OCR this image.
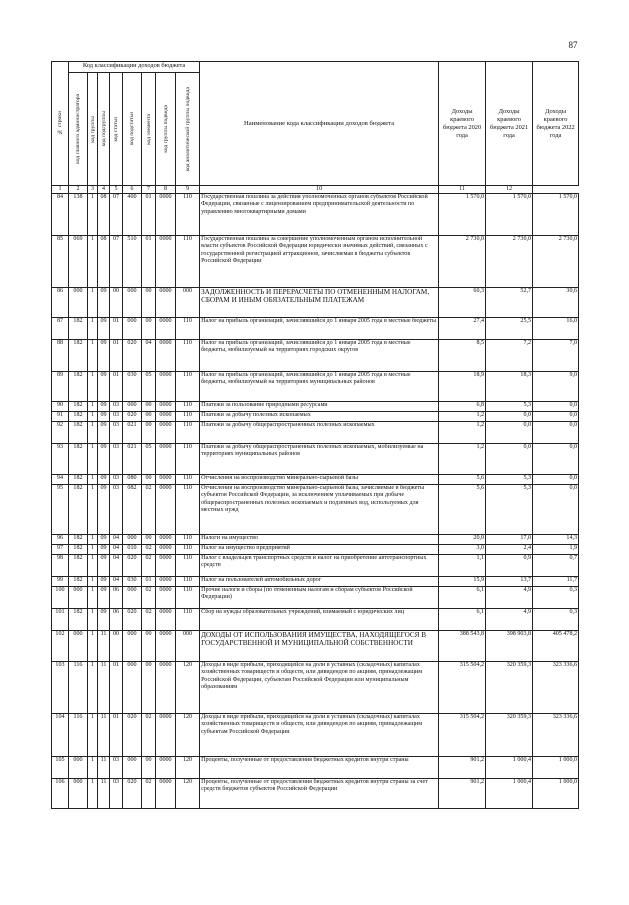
87
№ строки	Код классификации доходов бюджета								Наименование кода классификации доходов бюджета	Доходы краевого бюджета 2020 года	Доходы краевого бюджета 2021 года	Доходы краевого бюджета 2022 года

	код главного администратора	код группы	код подгруппы	код статьи	код подстатьи	код элемента	код группы подвида	код аналитической группы подвида				

1	2	3	4	5	6	7	8	9	10	11	12	
84	138	1	08	07	400	01	0000	110	Государственная пошлина за действия уполномоченных органов субъектов Российской Федерации, связанные с лицензированием предпринимательской деятельности по управлению многоквартирными домами	1 570,0	1 570,0	1 570,0
85	069	1	08	07	510	01	0000	110	Государственная пошлина за совершение уполномоченным органом исполнительной власти субъектов Российской Федерации юридически значимых действий, связанных с государственной регистрацией аттракционов, зачисляемая в бюджеты субъектов Российской Федерации	2 730,0	2 730,0	2 730,0
86	000	1	09	00	000	00	0000	000	ЗАДОЛЖЕННОСТЬ И ПЕРЕРАСЧЕТЫ ПО ОТМЕНЕННЫМ НАЛОГАМ, СБОРАМ И ИНЫМ ОБЯЗАТЕЛЬНЫМ ПЛАТЕЖАМ	60,3	52,7	30,6
87	182	1	09	01	000	00	0000	110	Налог на прибыль организаций, зачислявшийся до 1 января 2005 года в местные бюджеты	27,4	25,5	16,0
88	182	1	09	01	020	04	0000	110	Налог на прибыль организаций, зачислявшийся до 1 января 2005 года в местные бюджеты, мобилизуемый на территориях городских округов	8,5	7,2	7,0
89	182	1	09	01	030	05	0000	110	Налог на прибыль организаций, зачислявшийся до 1 января 2005 года в местные бюджеты, мобилизуемый на территориях муниципальных районов	18,9	18,3	9,0
90	182	1	09	03	000	00	0000	110	Платежи за пользование природными ресурсами	6,8	5,3	0,0
91	182	1	09	03	020	00	0000	110	Платежи за добычу полезных ископаемых	1,2	0,0	0,0
92	182	1	09	03	021	00	0000	110	Платежи за добычу общераспространенных полезных ископаемых	1,2	0,0	0,0
93	182	1	09	03	021	05	0000	110	Платежи за добычу общераспространенных полезных ископаемых, мобилизуемые на территориях муниципальных районов	1,2	0,0	0,0
94	182	1	09	03	080	00	0000	110	Отчисления на воспроизводство минерально-сырьевой базы	5,6	5,3	0,0
95	182	1	09	03	082	02	0000	110	Отчисления на воспроизводство минерально-сырьевой базы, зачисляемые в бюджеты субъектов Российской Федерации, за исключением уплачиваемых при добыче общераспространенных полезных ископаемых и подземных вод, используемых для местных нужд	5,6	5,3	0,0
96	182	1	09	04	000	00	0000	110	Налоги на имущество	20,0	17,0	14,3
97	182	1	09	04	010	02	0000	110	Налог на имущество предприятий	3,0	2,4	1,9
98	182	1	09	04	020	02	0000	110	Налог с владельцев транспортных средств и налог на приобретение автотранспортных средств	1,1	0,9	0,7
99	182	1	09	04	030	01	0000	110	Налог на пользователей автомобильных дорог	15,9	13,7	11,7
100	000	1	09	06	000	02	0000	110	Прочие налоги и сборы (по отмененным налогам и сборам субъектов Российской Федерации)	6,1	4,9	0,3
101	182	1	09	06	020	02	0000	110	Сбор на нужды образовательных учреждений, взимаемый с юридических лиц	6,1	4,9	0,3
102	000	1	11	00	000	00	0000	000	ДОХОДЫ ОТ ИСПОЛЬЗОВАНИЯ ИМУЩЕСТВА, НАХОДЯЩЕГОСЯ В ГОСУДАРСТВЕННОЙ И МУНИЦИПАЛЬНОЙ СОБСТВЕННОСТИ	388 543,8	398 903,8	405 478,2
103	116	1	11	01	000	00	0000	120	Доходы в виде прибыли, приходящейся на доли в уставных (складочных) капиталах хозяйственных товариществ и обществ, или дивидендов по акциям, принадлежащим Российской Федерации, субъектам Российской Федерации или муниципальным образованиям	315 504,2	320 359,3	323 336,6
104	116	1	11	01	020	02	0000	120	Доходы в виде прибыли, приходящейся на доли в уставных (складочных) капиталах хозяйственных товариществ и обществ, или дивидендов по акциям, принадлежащим субъектам Российской Федерации	315 504,2	320 359,3	323 336,6
105	000	1	11	03	000	00	0000	120	Проценты, полученные от предоставления бюджетных кредитов внутри страны	901,2	1 000,4	1 000,0
106	000	1	11	03	020	02	0000	120	Проценты, полученные от предоставления бюджетных кредитов внутри страны за счет средств бюджетов субъектов Российской Федерации	901,2	1 000,4	1 000,0
